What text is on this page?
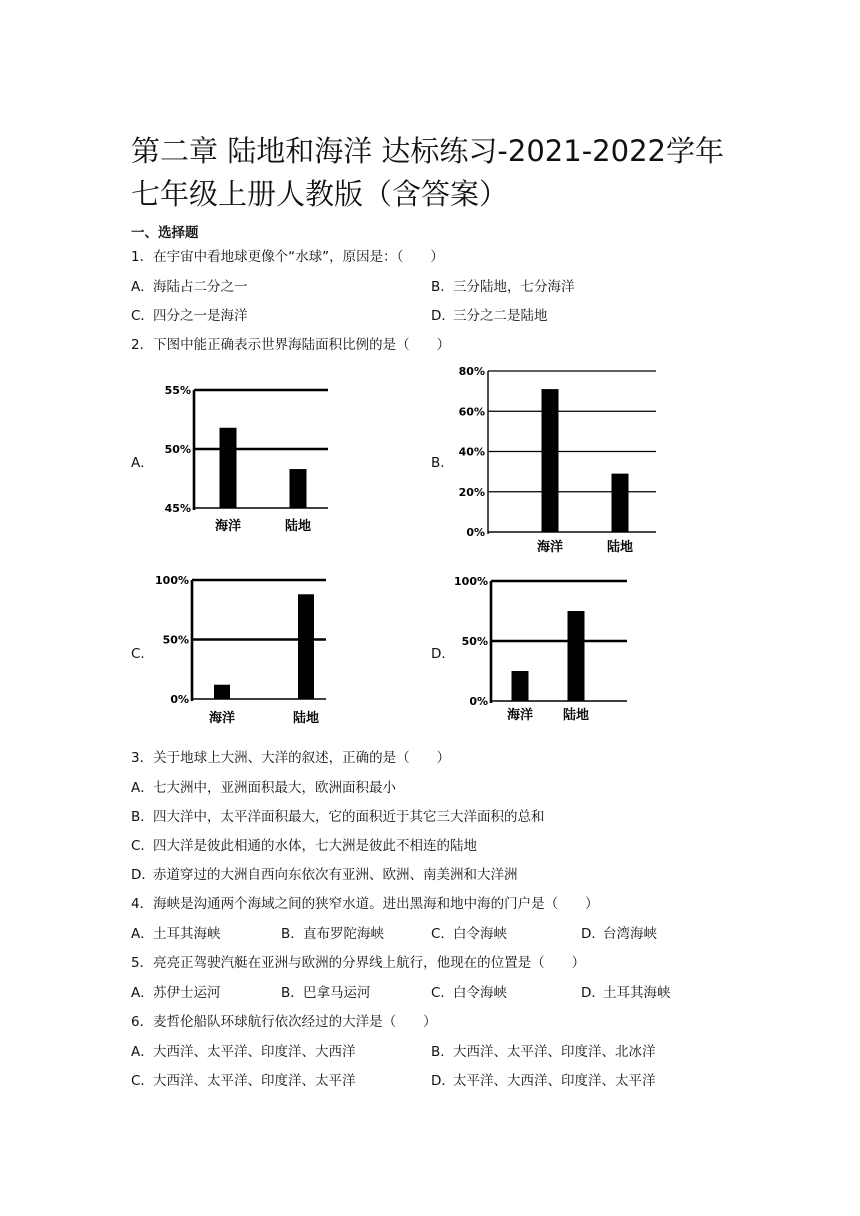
第二章 陆地和海洋 达标练习-2021-2022学年七年级上册人教版（含答案）
一、选择题
1．在宇宙中看地球更像个“水球”，原因是：（　　）
A．海陆占二分之一	B．三分陆地，七分海洋
C．四分之一是海洋	D．三分之二是陆地
2．下图中能正确表示世界海陆面积比例的是（　　）
A．	B．
C．	D．
55%
50%
45%
海洋	陆地
80%
60%
40%
20%
0%
海洋	陆地
100%
50%
0%
海洋	陆地
100%
50%
0%
海洋 陆地
3．关于地球上大洲、大洋的叙述，正确的是（　　）
A．七大洲中，亚洲面积最大，欧洲面积最小
B．四大洋中，太平洋面积最大，它的面积近于其它三大洋面积的总和
C．四大洋是彼此相通的水体，七大洲是彼此不相连的陆地
D．赤道穿过的大洲自西向东依次有亚洲、欧洲、南美洲和大洋洲
4．海峡是沟通两个海域之间的狭窄水道。进出黑海和地中海的门户是（　　）
A．土耳其海峡	B．直布罗陀海峡	C．白令海峡	D．台湾海峡
5．亮亮正驾驶汽艇在亚洲与欧洲的分界线上航行，他现在的位置是（　　）
A．苏伊士运河	B．巴拿马运河	C．白令海峡	D．土耳其海峡
6．麦哲伦船队环球航行依次经过的大洋是（　　）
A．大西洋、太平洋、印度洋、大西洋	B．大西洋、太平洋、印度洋、北冰洋
C．大西洋、太平洋、印度洋、太平洋	D．太平洋、大西洋、印度洋、太平洋
